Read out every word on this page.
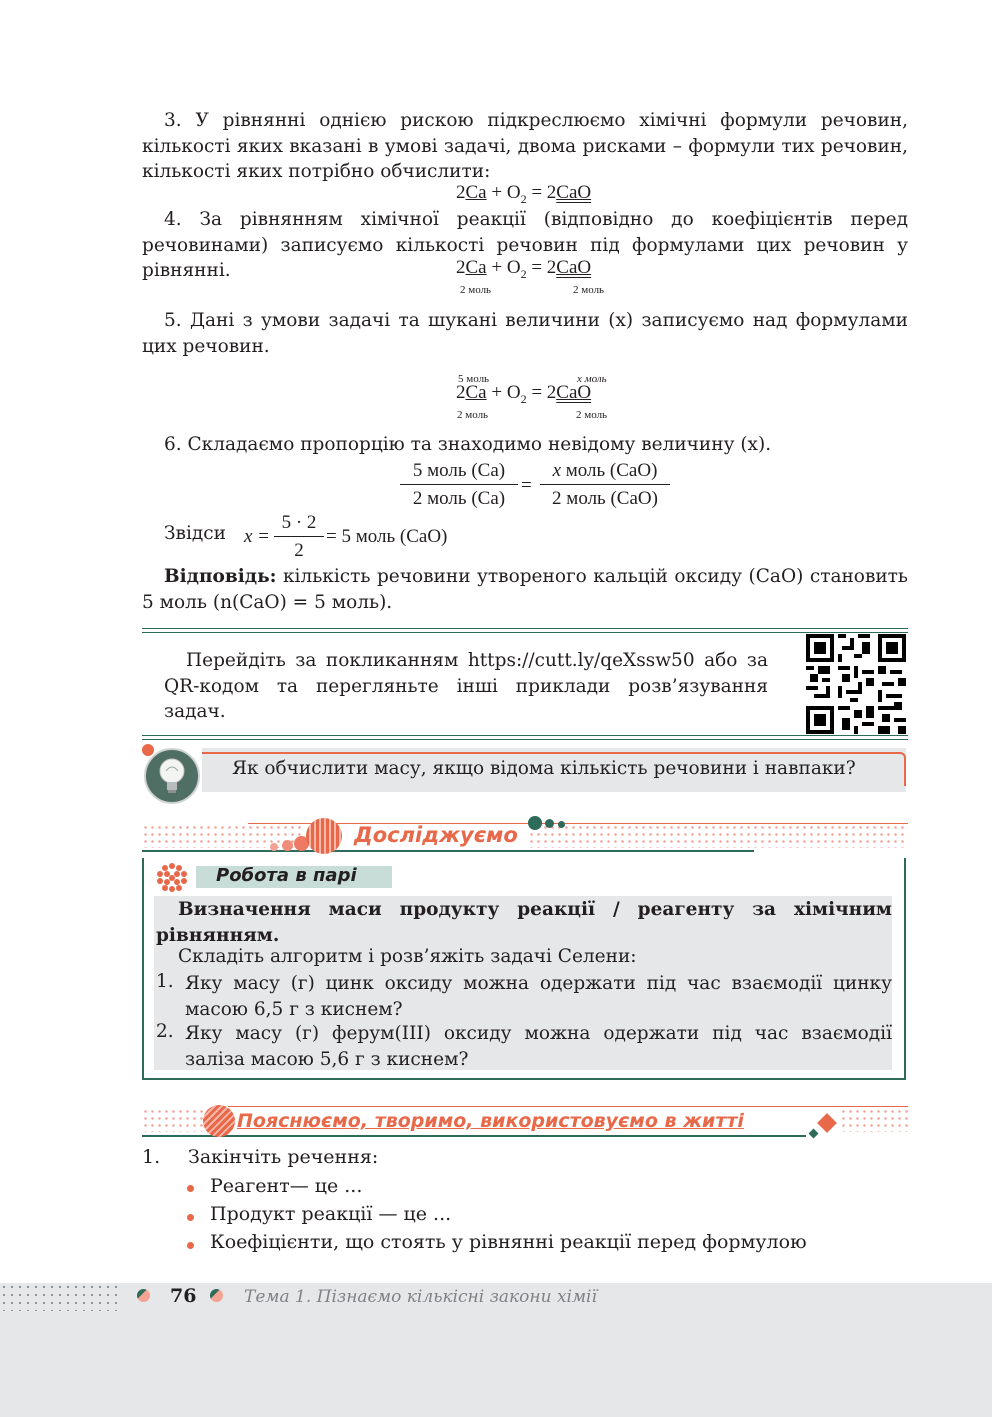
3. У рівнянні однією рискою підкреслюємо хімічні формули речовин, кількості яких вказані в умові задачі, двома рисками – формули тих речовин, кількості яких потрібно обчислити:
$2Ca + O_2 = 2CaO$
4. За рівнянням хімічної реакції (відповідно до коефіцієнтів перед речовинами) записуємо кількості речовин під формулами цих речовин у рівнянні.	$2Ca + O_2 = 2CaO$
2 моль	2 моль
5. Дані з умови задачі та шукані величини (x) записуємо над формулами цих речовин.
5 моль	x моль
$2Ca + O_2 = 2CaO$
2 моль	2 моль
6. Складаємо пропорцію та знаходимо невідому величину (x).
5 моль (Ca)
2 моль (Ca)
=
x моль (CaO)
2 моль (CaO)
Звідси $x = \frac{5 \cdot 2}{2} = 5$ моль (CaO)
Відповідь: кількість речовини утвореного кальцій оксиду (CaO) становить 5 моль (n(CaO) = 5 моль).
Перейдіть за покликанням https://cutt.ly/qeXssw50 або за QR-кодом та перегляньте інші приклади розв’язування задач.
Як обчислити масу, якщо відома кількість речовини і навпаки?
Досліджуємо
Робота в парі
Визначення маси продукту реакції / реагенту за хімічним рівнянням.
Складіть алгоритм і розв’яжіть задачі Селени:
1. Яку масу (г) цинк оксиду можна одержати під час взаємодії цинку масою 6,5 г з киснем?
2. Яку масу (г) ферум(ІІІ) оксиду можна одержати під час взаємодії заліза масою 5,6 г з киснем?
Пояснюємо, творимо, використовуємо в житті
1. Закінчіть речення:
Реагент— це ...
Продукт реакції — це ...
Коефіцієнти, що стоять у рівнянні реакції перед формулою
76	Тема 1. Пізнаємо кількісні закони хімії
